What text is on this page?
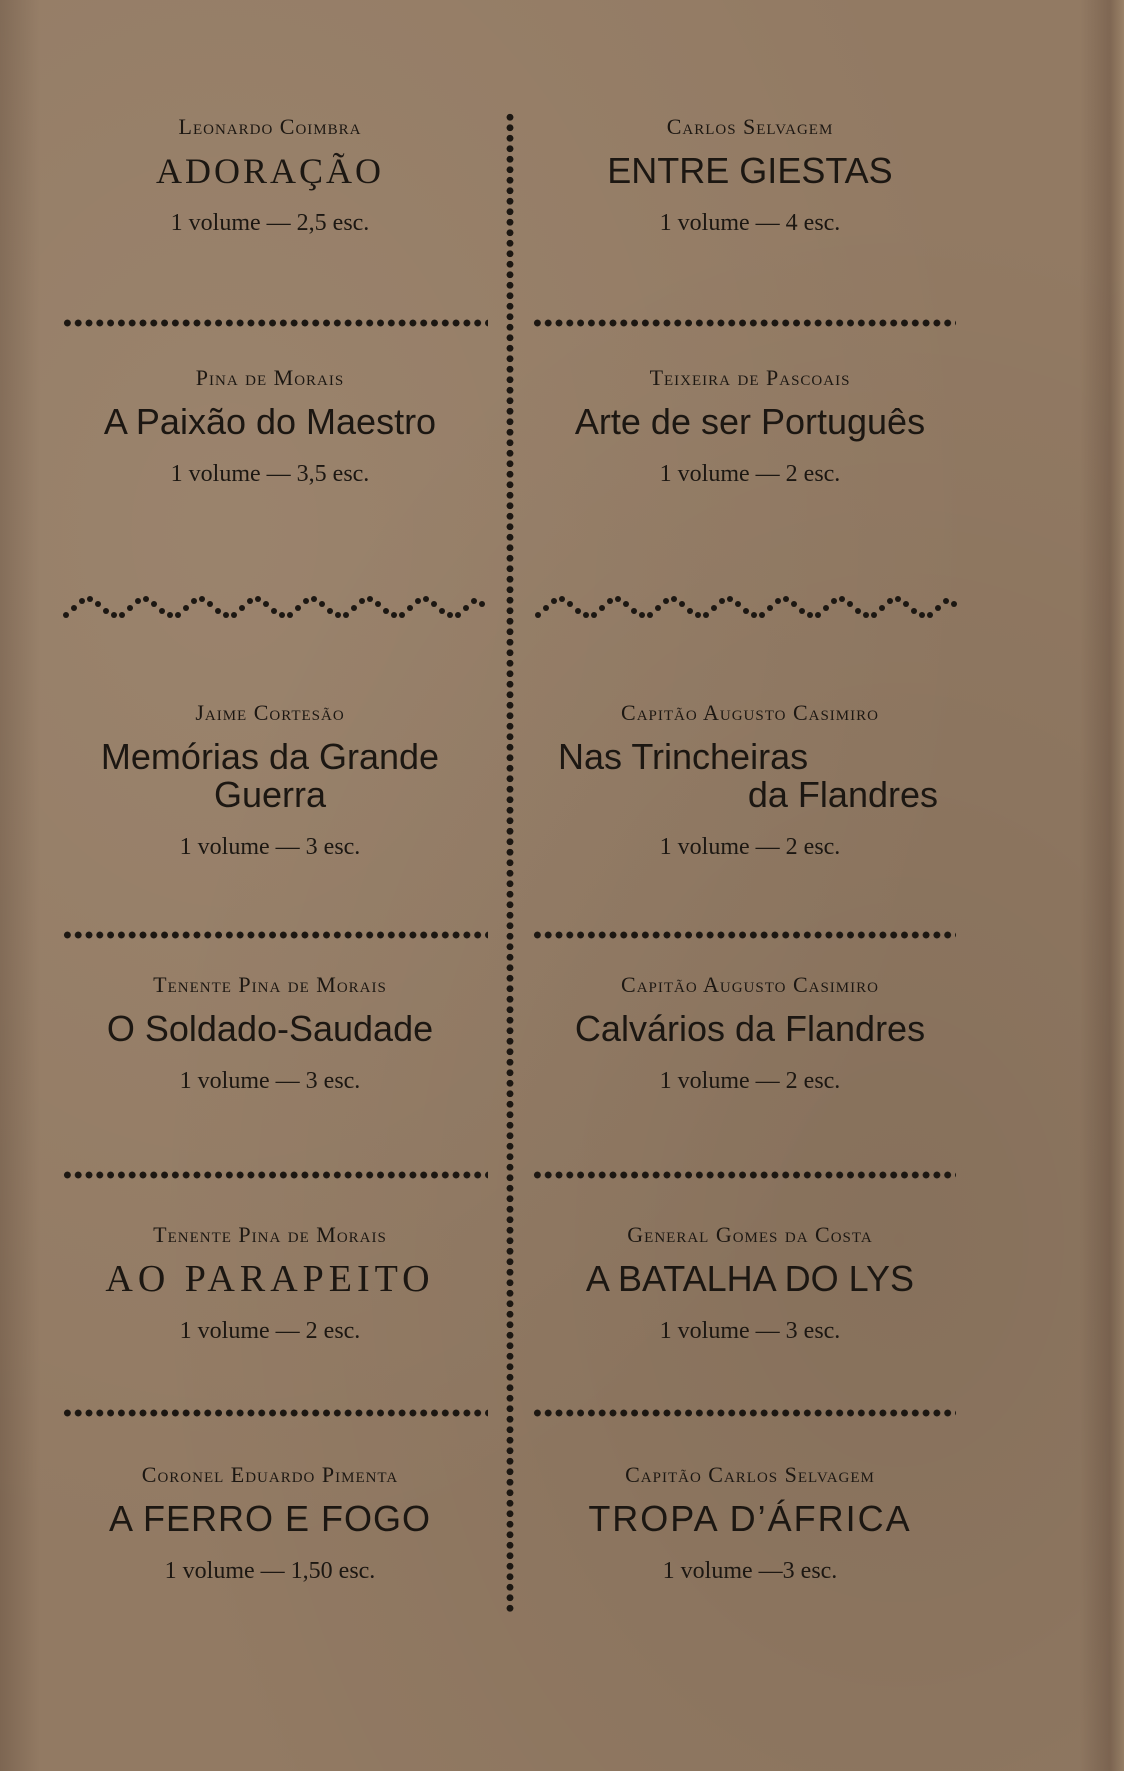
Leonardo Coimbra
ADORAÇÃO
1 volume — 2,5 esc.
Carlos Selvagem
ENTRE GIESTAS
1 volume — 4 esc.
Pina de Morais
A Paixão do Maestro
1 volume — 3,5 esc.
Teixeira de Pascoais
Arte de ser Português
1 volume — 2 esc.
Jaime Cortesão
Memórias da Grande
Guerra
1 volume — 3 esc.
Capitão Augusto Casimiro
Nas Trincheiras
da Flandres
1 volume — 2 esc.
Tenente Pina de Morais
O Soldado-Saudade
1 volume — 3 esc.
Capitão Augusto Casimiro
Calvários da Flandres
1 volume — 2 esc.
Tenente Pina de Morais
AO PARAPEITO
1 volume — 2 esc.
General Gomes da Costa
A BATALHA DO LYS
1 volume — 3 esc.
Coronel Eduardo Pimenta
A FERRO E FOGO
1 volume — 1,50 esc.
Capitão Carlos Selvagem
TROPA D’ÁFRICA
1 volume —3 esc.
